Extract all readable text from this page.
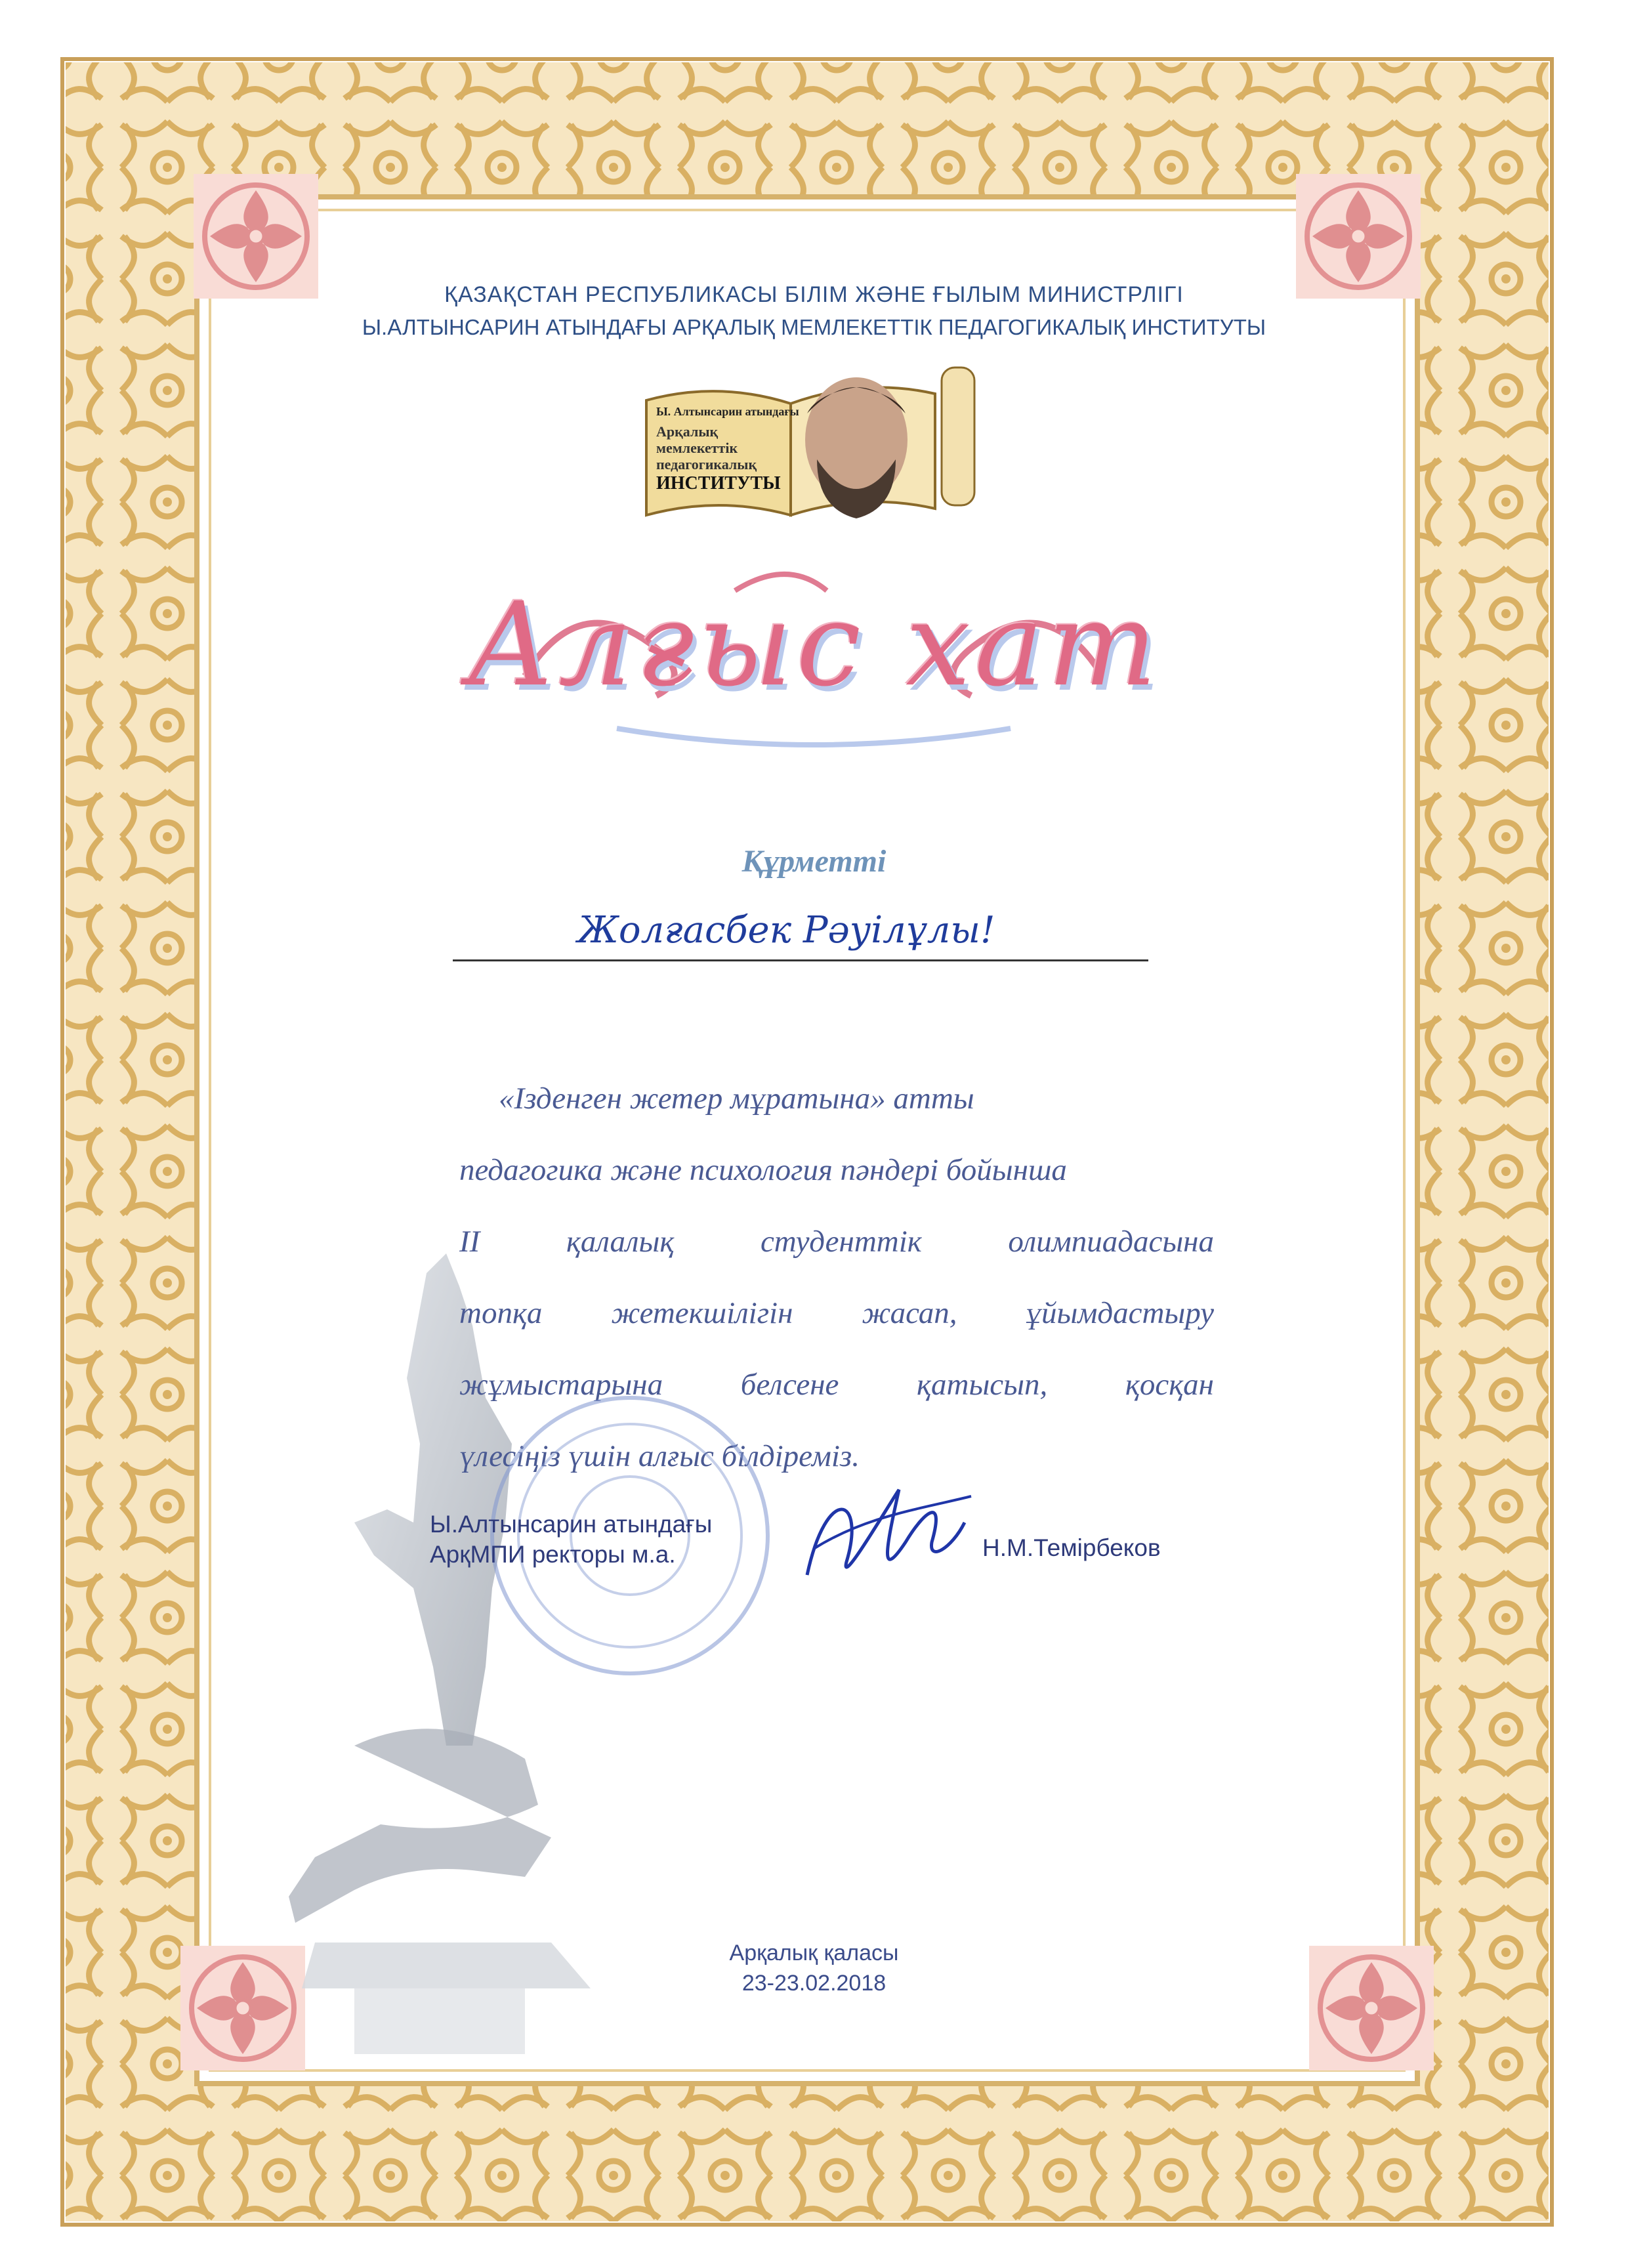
ҚАЗАҚСТАН РЕСПУБЛИКАСЫ БІЛІМ ЖӘНЕ ҒЫЛЫМ МИНИСТРЛІГІ
Ы.АЛТЫНСАРИН АТЫНДАҒЫ АРҚАЛЫҚ МЕМЛЕКЕТТІК ПЕДАГОГИКАЛЫҚ ИНСТИТУТЫ
Ы. Алтынсарин атындағы
Арқалық
мемлекеттік
педагогикалық
ИНСТИТУТЫ
Алғыс хат
Құрметті
Жолғасбек Рәуілұлы!

«Ізденген жетер мұратына» атты

педагогика және психология пәндері бойынша

ІІ қалалық студенттік олимпиадасына

топқа жетекшілігін жасап, ұйымдастыру

жұмыстарына белсене қатысып, қосқан

үлесіңіз үшін алғыс білдіреміз.

Ы.Алтынсарин атындағы
АрқМПИ ректоры м.а.	Н.М.Темірбеков
Арқалық қаласы
23-23.02.2018
